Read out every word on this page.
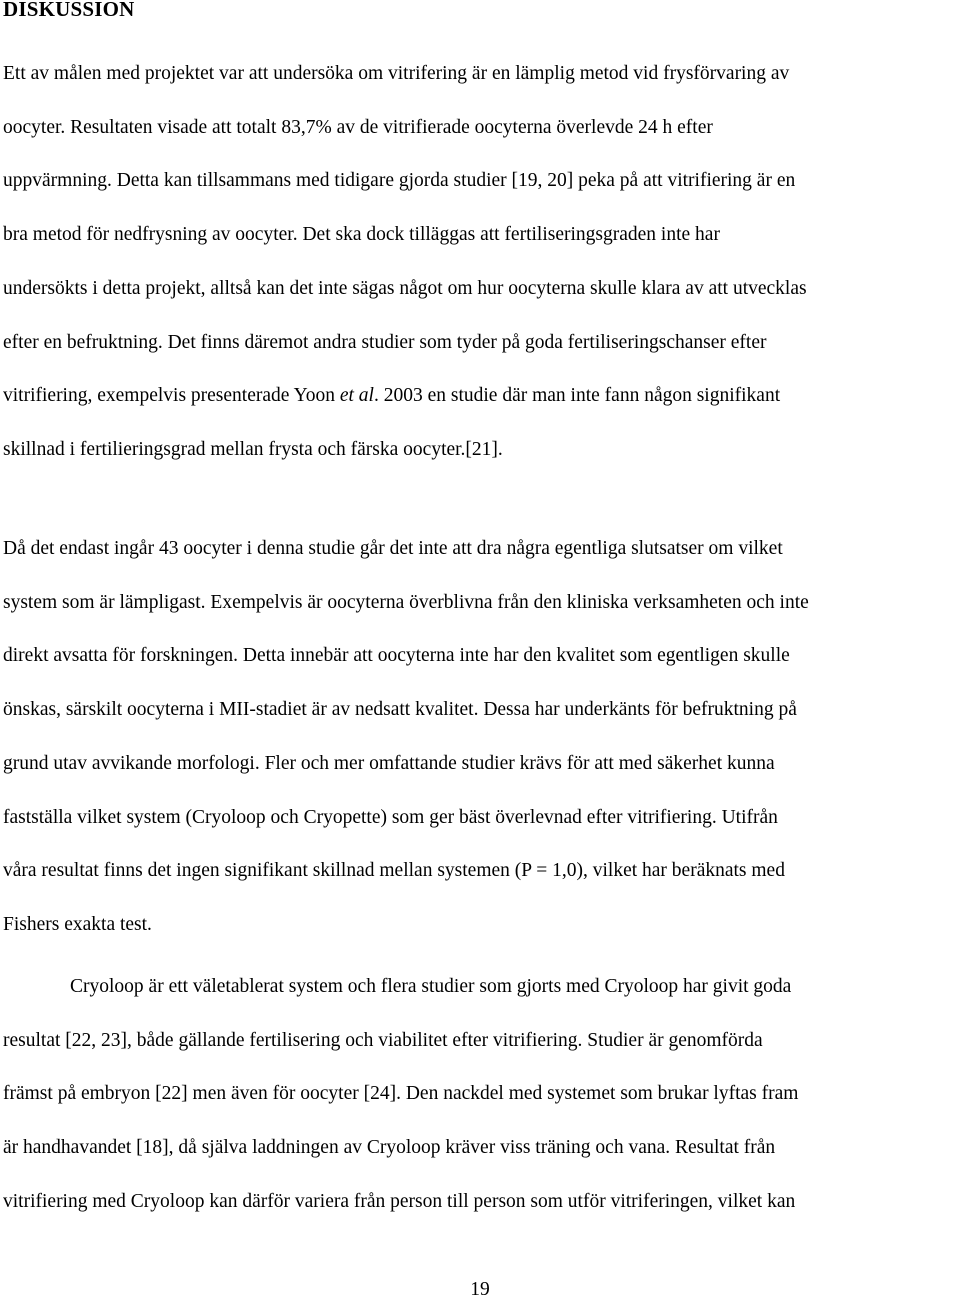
DISKUSSION

Ett av målen med projektet var att undersöka om vitrifering är en lämplig metod vid frysförvaring av
oocyter. Resultaten visade att totalt 83,7% av de vitrifierade oocyterna överlevde 24 h efter
uppvärmning. Detta kan tillsammans med tidigare gjorda studier [19, 20] peka på att vitrifiering är en
bra metod för nedfrysning av oocyter. Det ska dock tilläggas att fertiliseringsgraden inte har
undersökts i detta projekt, alltså kan det inte sägas något om hur oocyterna skulle klara av att utvecklas
efter en befruktning. Det finns däremot andra studier som tyder på goda fertiliseringschanser efter
vitrifiering, exempelvis presenterade Yoon et al. 2003 en studie där man inte fann någon signifikant
skillnad i fertilieringsgrad mellan frysta och färska oocyter.[21].

Då det endast ingår 43 oocyter i denna studie går det inte att dra några egentliga slutsatser om vilket
system som är lämpligast. Exempelvis är oocyterna överblivna från den kliniska verksamheten och inte
direkt avsatta för forskningen. Detta innebär att oocyterna inte har den kvalitet som egentligen skulle
önskas, särskilt oocyterna i MII-stadiet är av nedsatt kvalitet. Dessa har underkänts för befruktning på
grund utav avvikande morfologi. Fler och mer omfattande studier krävs för att med säkerhet kunna
fastställa vilket system (Cryoloop och Cryopette) som ger bäst överlevnad efter vitrifiering. Utifrån
våra resultat finns det ingen signifikant skillnad mellan systemen (P = 1,0), vilket har beräknats med
Fishers exakta test.

Cryoloop är ett väletablerat system och flera studier som gjorts med Cryoloop har givit goda
resultat [22, 23], både gällande fertilisering och viabilitet efter vitrifiering. Studier är genomförda
främst på embryon [22] men även för oocyter [24]. Den nackdel med systemet som brukar lyftas fram
är handhavandet [18], då själva laddningen av Cryoloop kräver viss träning och vana. Resultat från
vitrifiering med Cryoloop kan därför variera från person till person som utför vitriferingen, vilket kan

19
